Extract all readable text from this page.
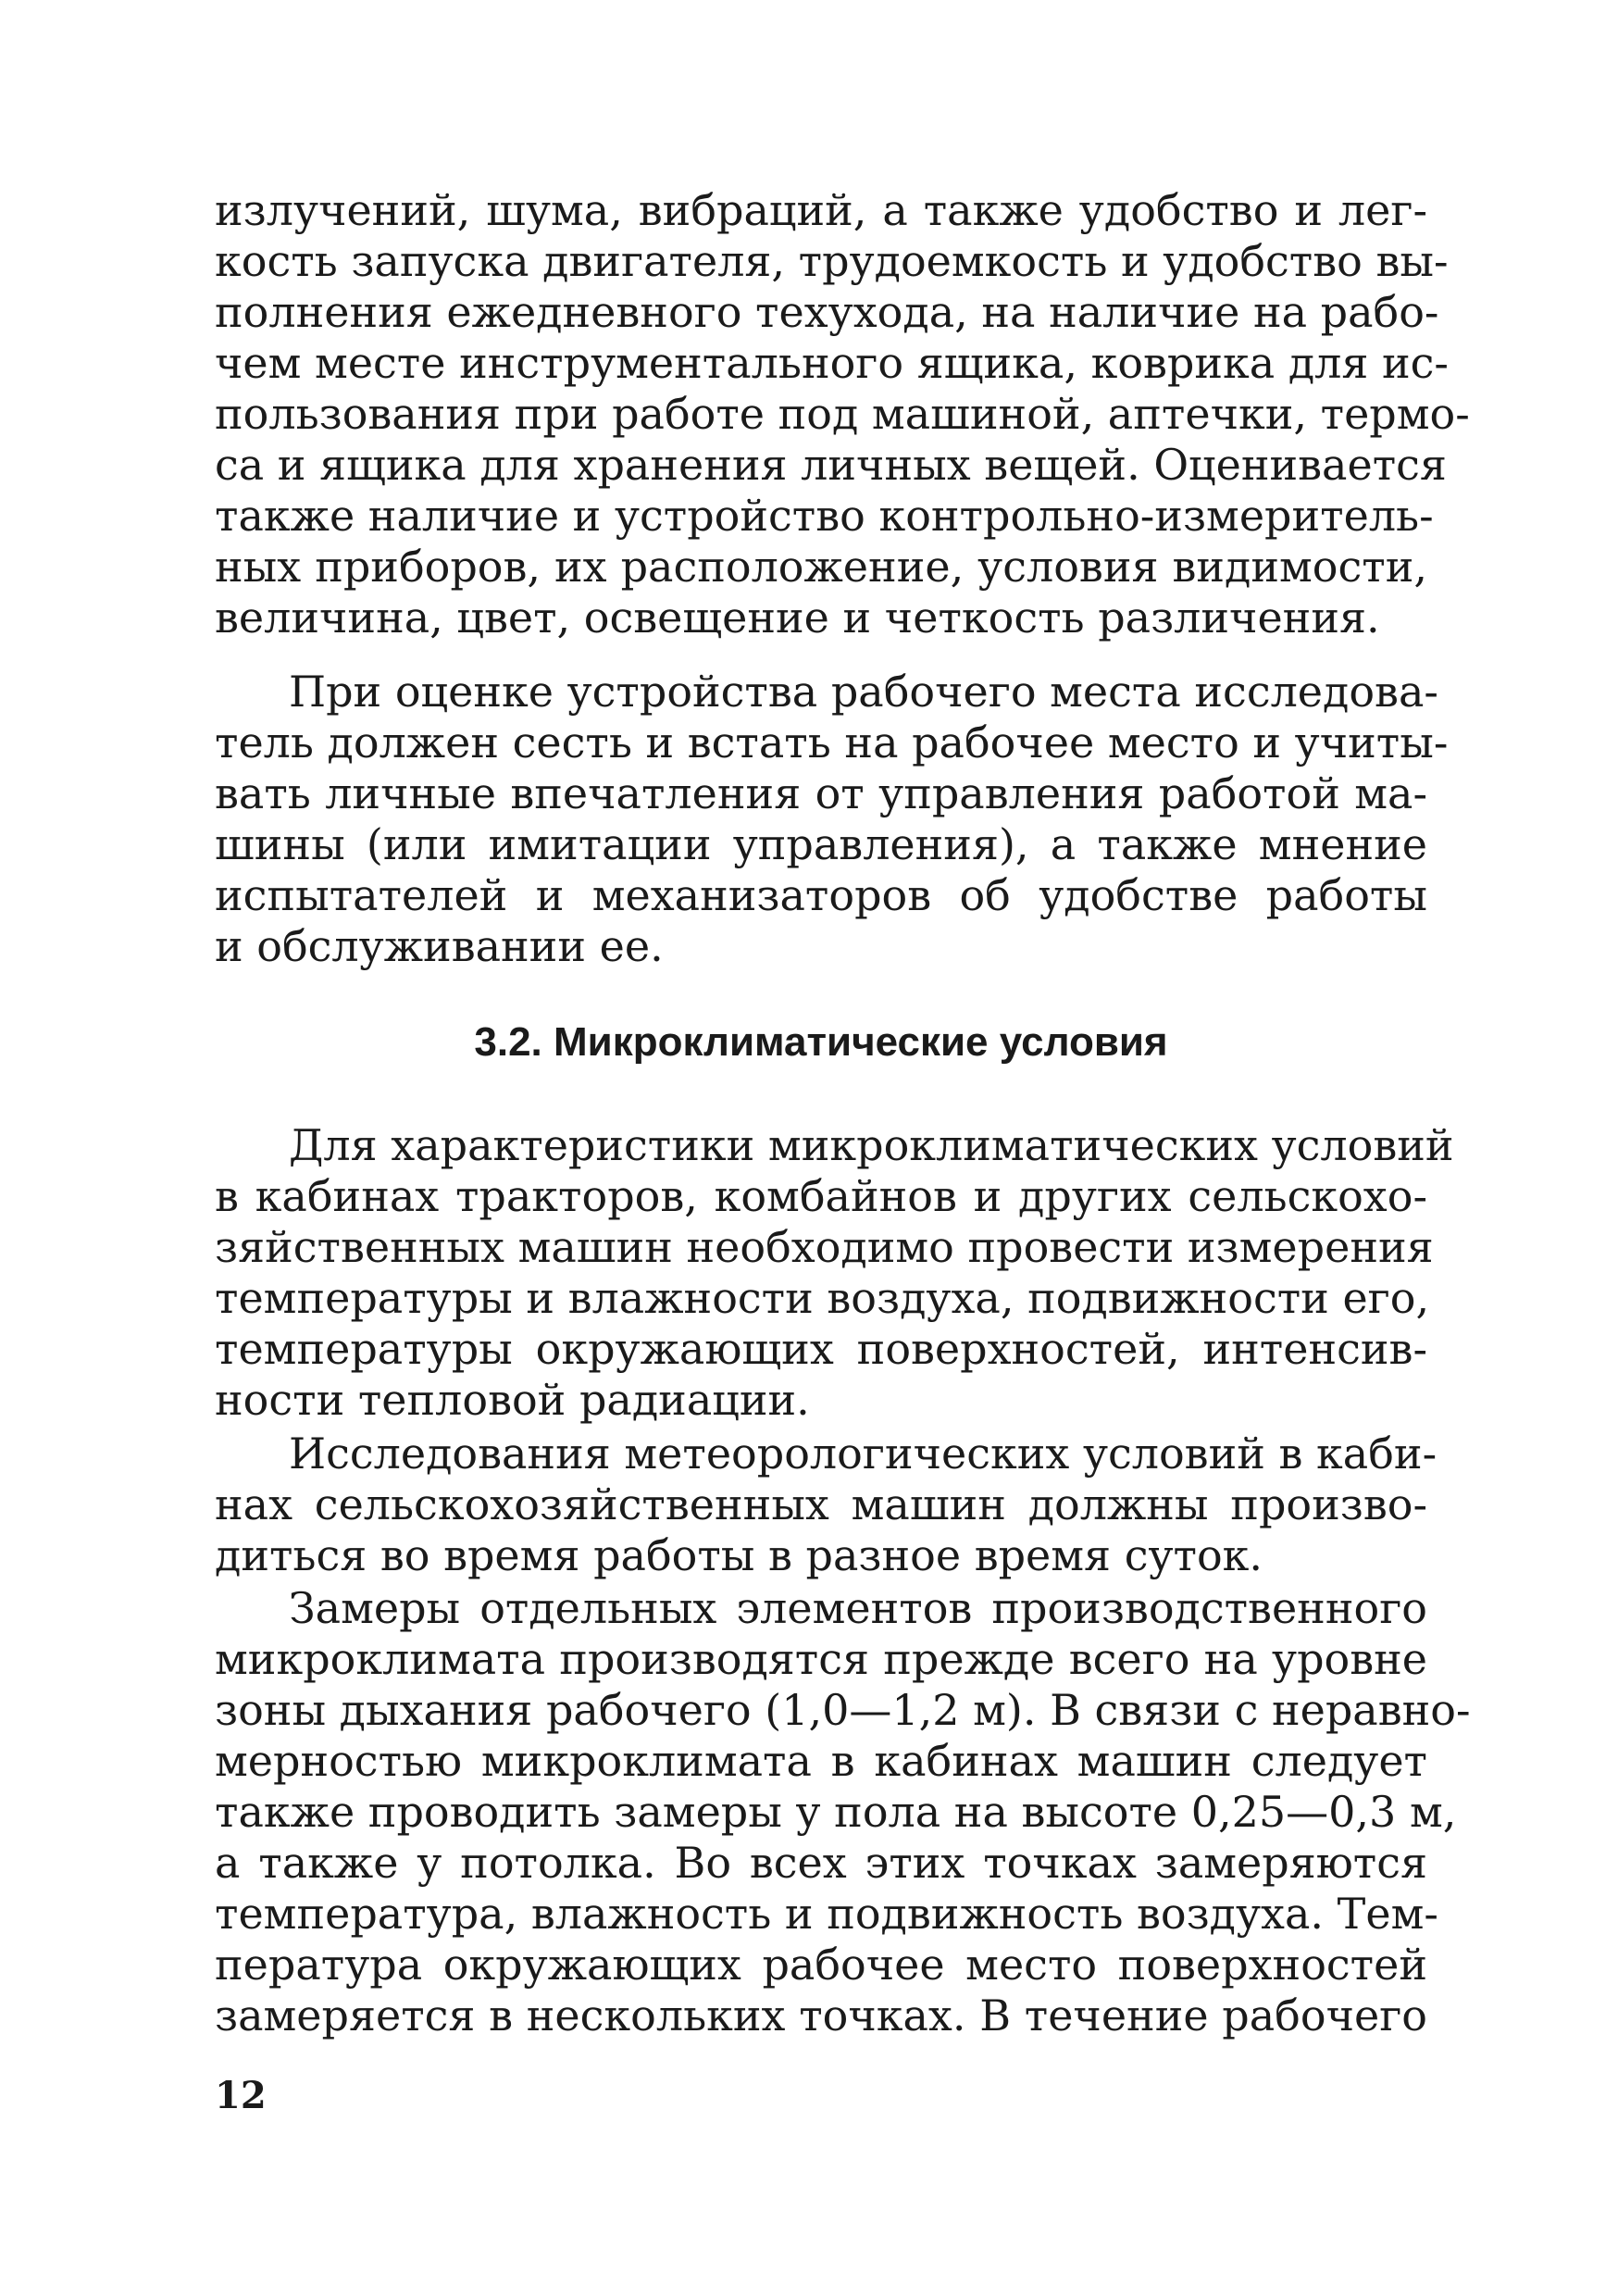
излучений, шума, вибраций, а также удобство и лег-
кость запуска двигателя, трудоемкость и удобство вы-
полнения ежедневного техухода, на наличие на рабо-
чем месте инструментального ящика, коврика для ис-
пользования при работе под машиной, аптечки, термо-
са и ящика для хранения личных вещей. Оценивается
также наличие и устройство контрольно-измеритель-
ных приборов, их расположение, условия видимости,
величина, цвет, освещение и четкость различения.
При оценке устройства рабочего места исследова-
тель должен сесть и встать на рабочее место и учиты-
вать личные впечатления от управления работой ма-
шины (или имитации управления), а также мнение
испытателей и механизаторов об удобстве работы
и обслуживании ее.
3.2. Микроклиматические условия
Для характеристики микроклиматических условий
в кабинах тракторов, комбайнов и других сельскохо-
зяйственных машин необходимо провести измерения
температуры и влажности воздуха, подвижности его,
температуры окружающих поверхностей, интенсив-
ности тепловой радиации.
Исследования метеорологических условий в каби-
нах сельскохозяйственных машин должны произво-
диться во время работы в разное время суток.
Замеры отдельных элементов производственного
микроклимата производятся прежде всего на уровне
зоны дыхания рабочего (1,0—1,2 м). В связи с неравно-
мерностью микроклимата в кабинах машин следует
также проводить замеры у пола на высоте 0,25—0,3 м,
а также у потолка. Во всех этих точках замеряются
температура, влажность и подвижность воздуха. Тем-
пература окружающих рабочее место поверхностей
замеряется в нескольких точках. В течение рабочего
12
